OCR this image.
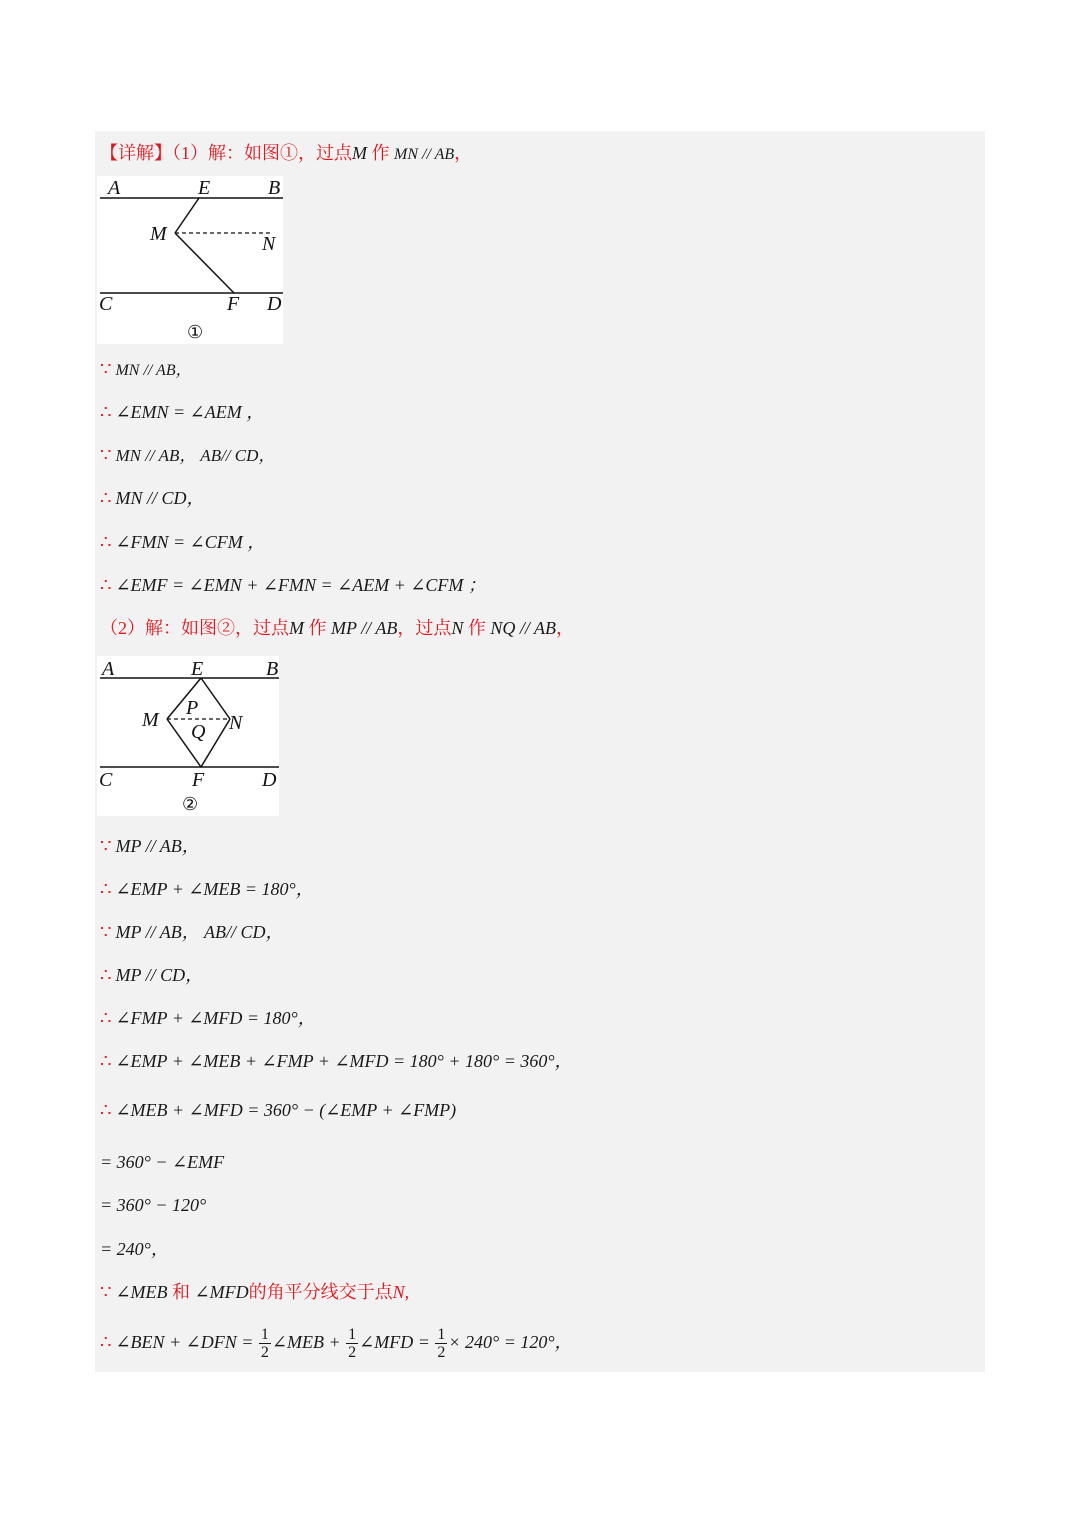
【详解】（1）解：如图①，过点M 作 MN // AB，
A	E	B
M	N
C	F D
①
∵ MN // AB，
∴ ∠EMN = ∠AEM ，
∵ MN // AB， AB// CD，
∴ MN // CD，
∴ ∠FMN = ∠CFM ，
∴ ∠EMF = ∠EMN + ∠FMN = ∠AEM + ∠CFM ；
（2）解：如图②，过点M 作 MP // AB，过点N 作 NQ // AB，
A	E	B
M
P
Q N
C	F	D
②
∵ MP // AB，
∴ ∠EMP + ∠MEB = 180°，
∵ MP // AB， AB// CD，
∴ MP // CD，
∴ ∠FMP + ∠MFD = 180°，
∴ ∠EMP + ∠MEB + ∠FMP + ∠MFD = 180° + 180° = 360°，
∴ ∠MEB + ∠MFD = 360° − (∠EMP + ∠FMP)
= 360° − ∠EMF
= 360° − 120°
= 240°，
∵ ∠MEB 和 ∠MFD的角平分线交于点N,
∴ ∠BEN + ∠DFN = $\frac{1}{2}$ ∠MEB + $\frac{1}{2}$ ∠MFD = $\frac{1}{2} \times 240^\circ = 120^\circ$，
